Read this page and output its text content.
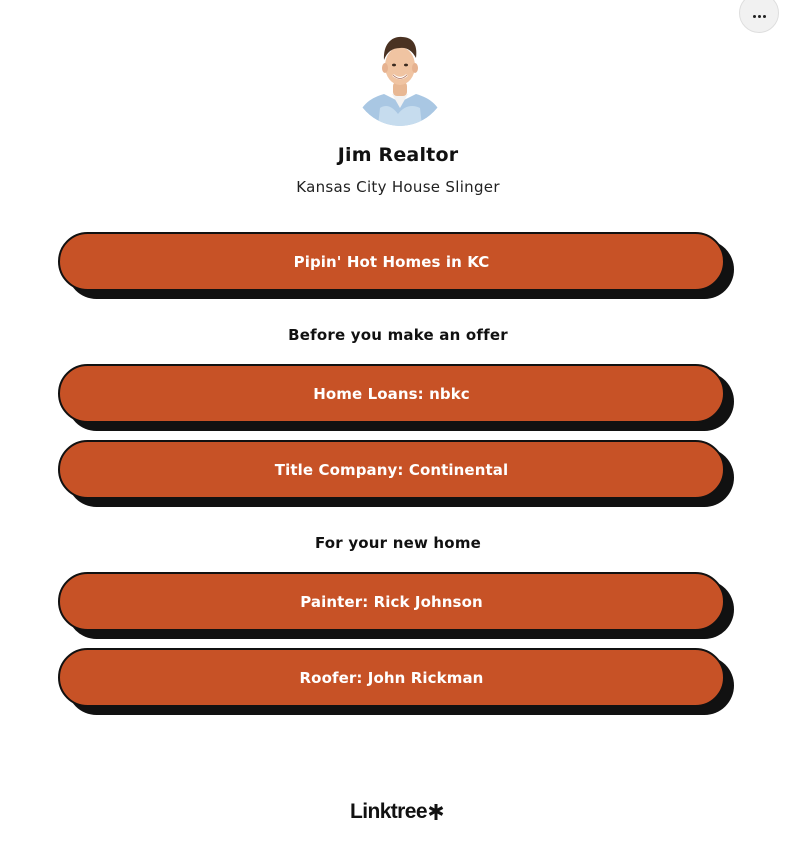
Jim Realtor
Kansas City House Slinger
Pipin' Hot Homes in KC
Before you make an offer
Home Loans: nbkc
Title Company: Continental
For your new home
Painter: Rick Johnson
Roofer: John Rickman
Linktree
